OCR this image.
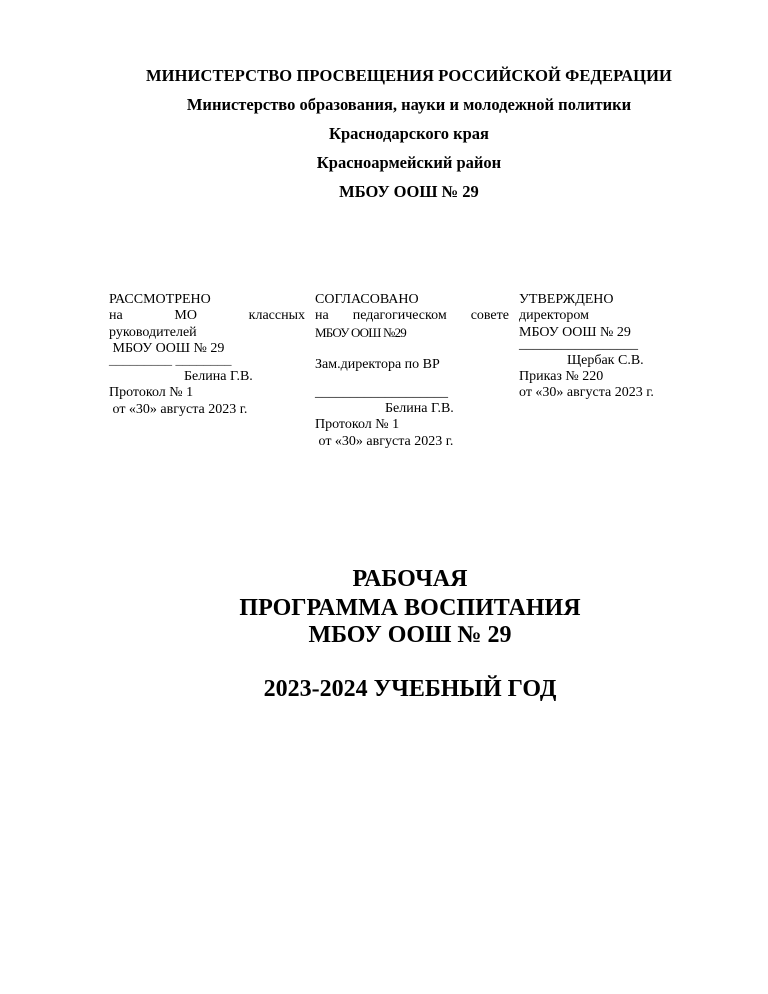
МИНИСТЕРСТВО ПРОСВЕЩЕНИЯ РОССИЙСКОЙ ФЕДЕРАЦИИ
Министерство образования, науки и молодежной политики
Краснодарского края
Красноармейский район
МБОУ ООШ № 29
РАССМОТРЕНО
на	МО	классных
руководителей
МБОУ ООШ № 29
_________ ________
Белина Г.В.
Протокол № 1
от «30» августа 2023 г.
СОГЛАСОВАНО
на педагогическом совете
МБОУ ООШ №29
Зам.директора по ВР
___________________
Белина Г.В.
Протокол № 1
от «30» августа 2023 г.
УТВЕРЖДЕНО
директором
МБОУ ООШ № 29
_________________
Щербак С.В.
Приказ № 220
от «30» августа 2023 г.
РАБОЧАЯ
ПРОГРАММА ВОСПИТАНИЯ
МБОУ ООШ № 29
2023-2024 УЧЕБНЫЙ ГОД
